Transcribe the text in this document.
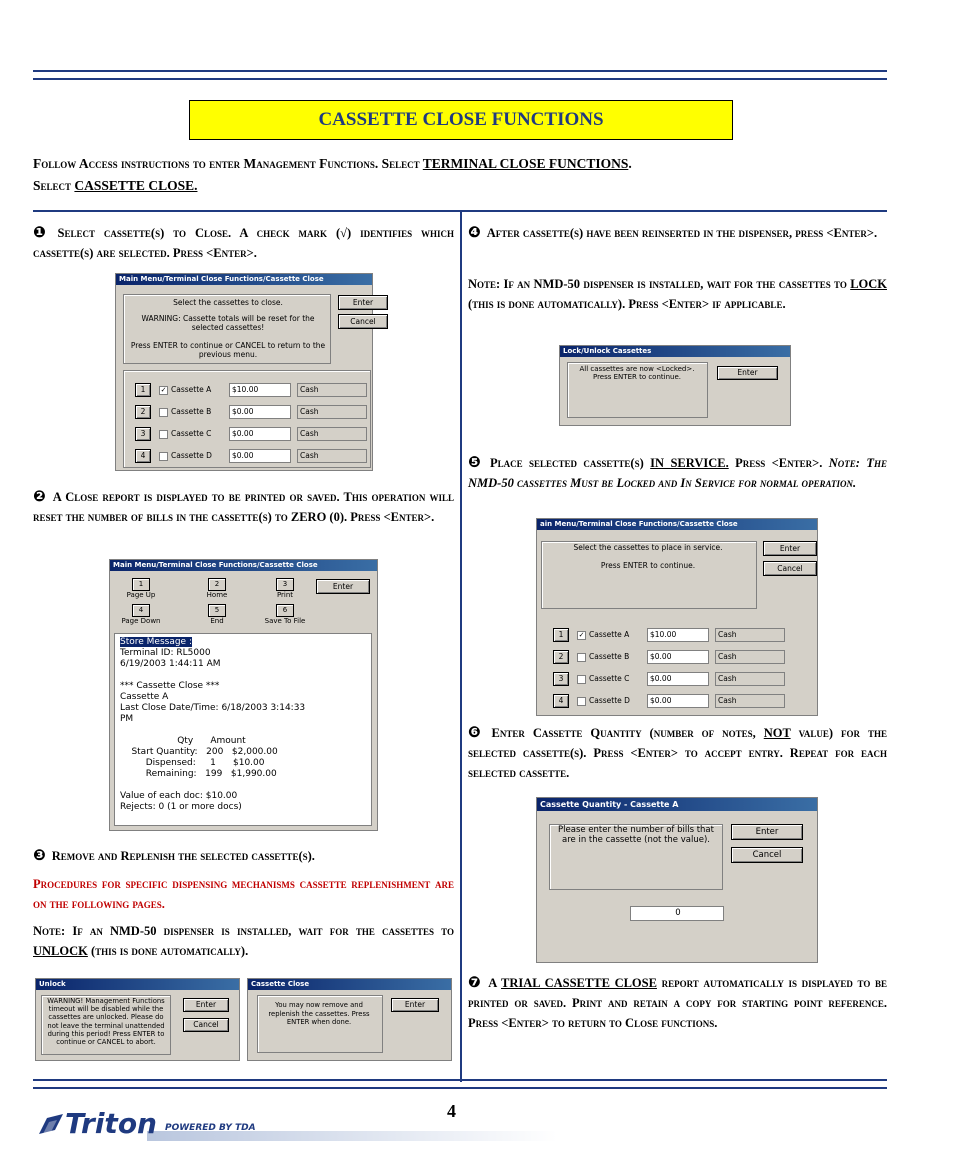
CASSETTE CLOSE FUNCTIONS
Follow Access instructions to enter Management Functions. Select TERMINAL CLOSE FUNCTIONS.
Select CASSETTE CLOSE.
❶ Select cassette(s) to Close. A check mark (√) identifies which cassette(s) are selected. Press <Enter>.
Main Menu/Terminal Close Functions/Cassette Close
Select the cassettes to close.
WARNING: Cassette totals will be reset for the selected cassettes!
Press ENTER to continue or CANCEL to return to the previous menu.
Enter
Cancel
1	✓ Cassette A	$10.00	Cash
2	Cassette B	$0.00	Cash
3	Cassette C	$0.00	Cash
4	Cassette D	$0.00	Cash
❷ A Close report is displayed to be printed or saved. This operation will reset the number of bills in the cassette(s) to ZERO (0). Press <Enter>.
Main Menu/Terminal Close Functions/Cassette Close
1
Page Up
2
Home
3
Print
4
Page Down
5
End
6
Save To File
Enter
Store Message :
Terminal ID: RL5000
6/19/2003 1:44:11 AM

*** Cassette Close ***
Cassette A
Last Close Date/Time: 6/18/2003 3:14:33
PM

Qty      Amount
Start Quantity:   200   $2,000.00
Dispensed:     1      $10.00
Remaining:   199   $1,990.00

Value of each doc: $10.00
Rejects: 0 (1 or more docs)
❸ Remove and Replenish the selected cassette(s).
Procedures for specific dispensing mechanisms cassette replenishment are on the following pages.
Note: If an NMD-50 dispenser is installed, wait for the cassettes to UNLOCK (this is done automatically).
Unlock
WARNING! Management Functions timeout will be disabled while the cassettes are unlocked. Please do not leave the terminal unattended during this period! Press ENTER to continue or CANCEL to abort.
Enter
Cancel
Cassette Close
You may now remove and replenish the cassettes. Press ENTER when done.
Enter
❹ After cassette(s) have been reinserted in the dispenser, press <Enter>.
Note: If an NMD-50 dispenser is installed, wait for the cassettes to LOCK (this is done automatically). Press <Enter> if applicable.
Lock/Unlock Cassettes
All cassettes are now <Locked>. Press ENTER to continue.	Enter
❺ Place selected cassette(s) IN SERVICE. Press <Enter>. Note: The NMD-50 cassettes Must be Locked and In Service for normal operation.
ain Menu/Terminal Close Functions/Cassette Close
Select the cassettes to place in service.
Press ENTER to continue.
Enter
Cancel
1	✓ Cassette A	$10.00	Cash
2	Cassette B	$0.00	Cash
3	Cassette C	$0.00	Cash
4	Cassette D	$0.00	Cash
❻ Enter Cassette Quantity (number of notes, NOT value) for the selected cassette(s). Press <Enter> to accept entry. Repeat for each selected cassette.
Cassette Quantity - Cassette A
Please enter the number of bills that are in the cassette (not the value).
Enter
Cancel
0
❼ A TRIAL CASSETTE CLOSE report automatically is displayed to be printed or saved. Print and retain a copy for starting point reference. Press <Enter> to return to Close functions.
4
Triton POWERED BY TDA
